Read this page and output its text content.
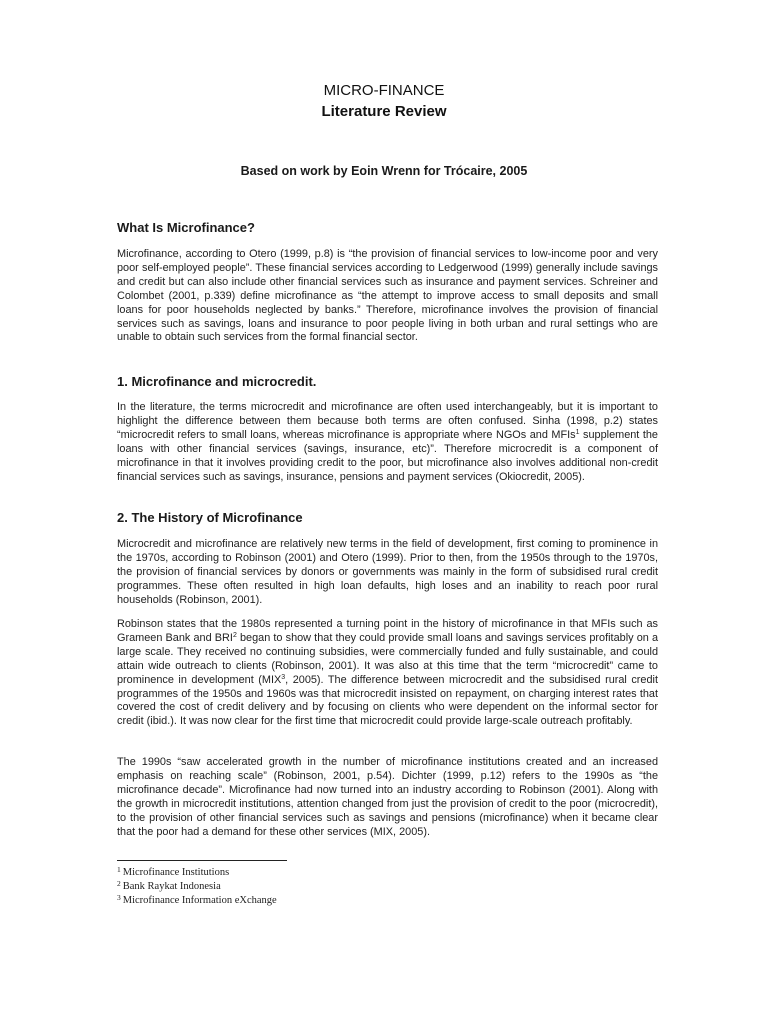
MICRO-FINANCE
Literature Review
Based on work by Eoin Wrenn for Trócaire, 2005
What Is Microfinance?
Microfinance, according to Otero (1999, p.8) is “the provision of financial services to low-income poor and very poor self-employed people”. These financial services according to Ledgerwood (1999) generally include savings and credit but can also include other financial services such as insurance and payment services. Schreiner and Colombet (2001, p.339) define microfinance as “the attempt to improve access to small deposits and small loans for poor households neglected by banks.” Therefore, microfinance involves the provision of financial services such as savings, loans and insurance to poor people living in both urban and rural settings who are unable to obtain such services from the formal financial sector.
1. Microfinance and microcredit.
In the literature, the terms microcredit and microfinance are often used interchangeably, but it is important to highlight the difference between them because both terms are often confused. Sinha (1998, p.2) states “microcredit refers to small loans, whereas microfinance is appropriate where NGOs and MFIs$^1$ supplement the loans with other financial services (savings, insurance, etc)”. Therefore microcredit is a component of microfinance in that it involves providing credit to the poor, but microfinance also involves additional non-credit financial services such as savings, insurance, pensions and payment services (Okiocredit, 2005).
2. The History of Microfinance
Microcredit and microfinance are relatively new terms in the field of development, first coming to prominence in the 1970s, according to Robinson (2001) and Otero (1999). Prior to then, from the 1950s through to the 1970s, the provision of financial services by donors or governments was mainly in the form of subsidised rural credit programmes. These often resulted in high loan defaults, high loses and an inability to reach poor rural households (Robinson, 2001).
Robinson states that the 1980s represented a turning point in the history of microfinance in that MFIs such as Grameen Bank and BRI$^2$ began to show that they could provide small loans and savings services profitably on a large scale. They received no continuing subsidies, were commercially funded and fully sustainable, and could attain wide outreach to clients (Robinson, 2001). It was also at this time that the term “microcredit” came to prominence in development (MIX$^3$, 2005). The difference between microcredit and the subsidised rural credit programmes of the 1950s and 1960s was that microcredit insisted on repayment, on charging interest rates that covered the cost of credit delivery and by focusing on clients who were dependent on the informal sector for credit (ibid.). It was now clear for the first time that microcredit could provide large-scale outreach profitably.
The 1990s “saw accelerated growth in the number of microfinance institutions created and an increased emphasis on reaching scale” (Robinson, 2001, p.54). Dichter (1999, p.12) refers to the 1990s as “the microfinance decade”. Microfinance had now turned into an industry according to Robinson (2001). Along with the growth in microcredit institutions, attention changed from just the provision of credit to the poor (microcredit), to the provision of other financial services such as savings and pensions (microfinance) when it became clear that the poor had a demand for these other services (MIX, 2005).
$^1$ Microfinance Institutions
$^2$ Bank Raykat Indonesia
$^3$ Microfinance Information eXchange
